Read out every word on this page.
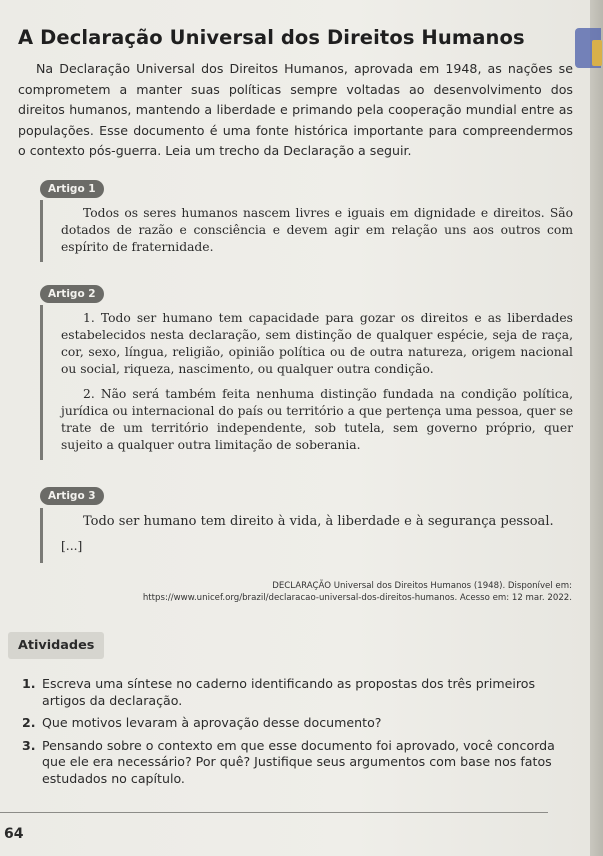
A Declaração Universal dos Direitos Humanos
Na Declaração Universal dos Direitos Humanos, aprovada em 1948, as nações se comprometem a manter suas políticas sempre voltadas ao desenvolvimento dos direitos humanos, mantendo a liberdade e primando pela cooperação mundial entre as populações. Esse documento é uma fonte histórica importante para compreendermos o contexto pós-guerra. Leia um trecho da Declaração a seguir.
Artigo 1

Todos os seres humanos nascem livres e iguais em dignidade e direitos. São dotados de razão e consciência e devem agir em relação uns aos outros com espírito de fraternidade.

Artigo 2

1. Todo ser humano tem capacidade para gozar os direitos e as liberdades estabelecidos nesta declaração, sem distinção de qualquer espécie, seja de raça, cor, sexo, língua, religião, opinião política ou de outra natureza, origem nacional ou social, riqueza, nascimento, ou qualquer outra condição.

2. Não será também feita nenhuma distinção fundada na condição política, jurídica ou internacional do país ou território a que pertença uma pessoa, quer se trate de um território independente, sob tutela, sem governo próprio, quer sujeito a qualquer outra limitação de soberania.

Artigo 3

Todo ser humano tem direito à vida, à liberdade e à segurança pessoal.

[...]

DECLARAÇÃO Universal dos Direitos Humanos (1948). Disponível em: https://www.unicef.org/brazil/declaracao-universal-dos-direitos-humanos. Acesso em: 12 mar. 2022.
Atividades
1. Escreva uma síntese no caderno identificando as propostas dos três primeiros artigos da declaração.
2. Que motivos levaram à aprovação desse documento?
3. Pensando sobre o contexto em que esse documento foi aprovado, você concorda que ele era necessário? Por quê? Justifique seus argumentos com base nos fatos estudados no capítulo.
64
